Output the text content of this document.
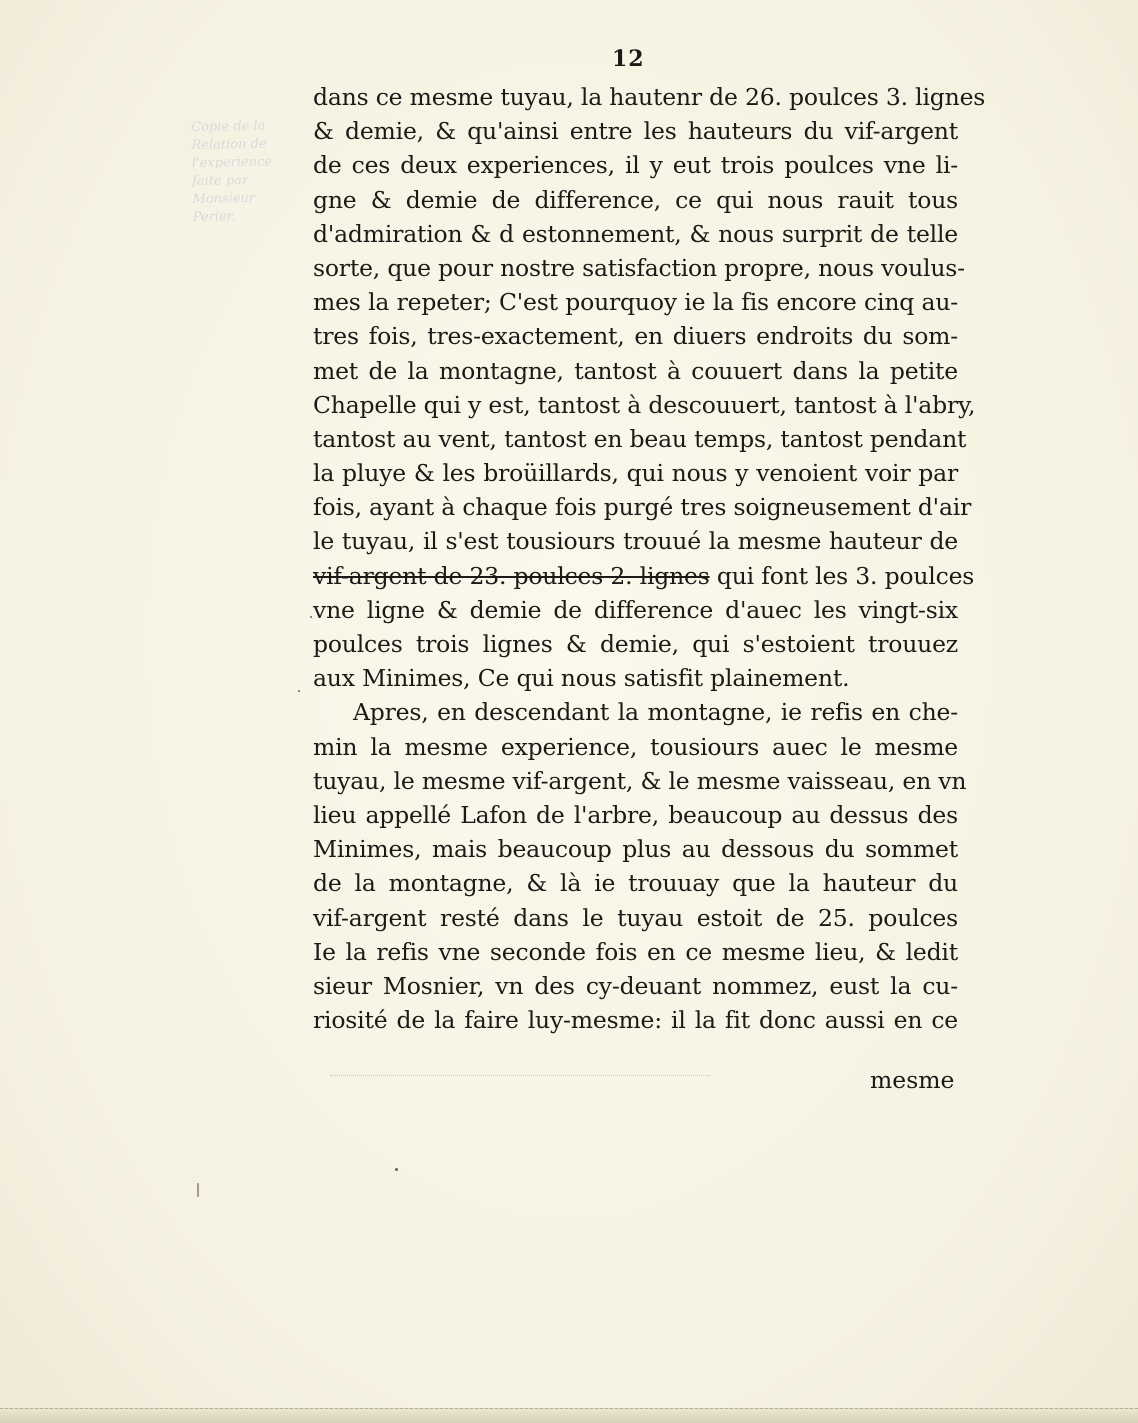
Copie de la
Relation de
l'experience
faite par
Monsieur
Perier.
12
dans ce mesme tuyau, la hautenr de 26. poulces 3. lignes
& demie, & qu'ainsi entre les hauteurs du vif-argent
de ces deux experiences, il y eut trois poulces vne li-
gne & demie de difference, ce qui nous rauit tous
d'admiration & d estonnement, & nous surprit de telle
sorte, que pour nostre satisfaction propre, nous voulus-
mes la repeter; C'est pourquoy ie la fis encore cinq au-
tres fois, tres-exactement, en diuers endroits du som-
met de la montagne, tantost à couuert dans la petite
Chapelle qui y est, tantost à descouuert, tantost à l'abry,
tantost au vent, tantost en beau temps, tantost pendant
la pluye & les broüillards, qui nous y venoient voir par
fois, ayant à chaque fois purgé tres soigneusement d'air
le tuyau, il s'est tousiours trouué la mesme hauteur de
vif-argent de 23. poulces 2. lignes qui font les 3. poulces
vne ligne & demie de difference d'auec les vingt-six
poulces trois lignes & demie, qui s'estoient trouuez
aux Minimes, Ce qui nous satisfit plainement.
Apres, en descendant la montagne, ie refis en che-
min la mesme experience, tousiours auec le mesme
tuyau, le mesme vif-argent, & le mesme vaisseau, en vn
lieu appellé Lafon de l'arbre, beaucoup au dessus des
Minimes, mais beaucoup plus au dessous du sommet
de la montagne, & là ie trouuay que la hauteur du
vif-argent resté dans le tuyau estoit de 25. poulces
Ie la refis vne seconde fois en ce mesme lieu, & ledit
sieur Mosnier, vn des cy-deuant nommez, eust la cu-
riosité de la faire luy-mesme: il la fit donc aussi en ce
mesme
